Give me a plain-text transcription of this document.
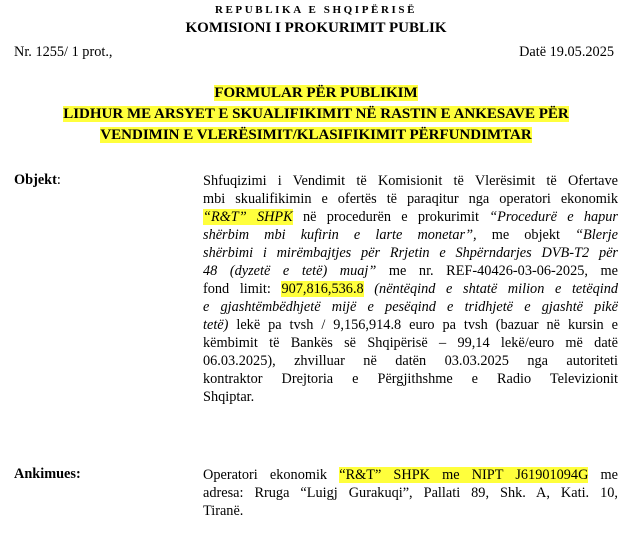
REPUBLIKA E SHQIPËRISË
KOMISIONI I PROKURIMIT PUBLIK
Nr. 1255/ 1 prot.,	Datë 19.05.2025
FORMULAR PËR PUBLIKIM
LIDHUR ME ARSYET E SKUALIFIKIMIT NË RASTIN E ANKESAVE PËR
VENDIMIN E VLERËSIMIT/KLASIFIKIMIT PËRFUNDIMTAR
Objekt:	Shfuqizimi i Vendimit të Komisionit të Vlerësimit të Ofertave
mbi skualifikimin e ofertës të paraqitur nga operatori ekonomik
“R&T” SHPK në procedurën e prokurimit “Procedurë e hapur
shërbim mbi kufirin e larte monetar”, me objekt “Blerje
shërbimi i mirëmbajtjes për Rrjetin e Shpërndarjes DVB-T2 për
48 (dyzetë e tetë) muaj” me nr. REF-40426-03-06-2025, me
fond limit: 907,816,536.8 (nëntëqind e shtatë milion e tetëqind
e gjashtëmbëdhjetë mijë e pesëqind e tridhjetë e gjashtë pikë
tetë) lekë pa tvsh / 9,156,914.8 euro pa tvsh (bazuar në kursin e
këmbimit të Bankës së Shqipërisë – 99,14 lekë/euro më datë
06.03.2025), zhvilluar në datën 03.03.2025 nga autoriteti
kontraktor Drejtoria e Përgjithshme e Radio Televizionit
Shqiptar.
Ankimues:	Operatori ekonomik “R&T” SHPK me NIPT J61901094G me
adresa: Rruga “Luigj Gurakuqi”, Pallati 89, Shk. A, Kati. 10,
Tiranë.
